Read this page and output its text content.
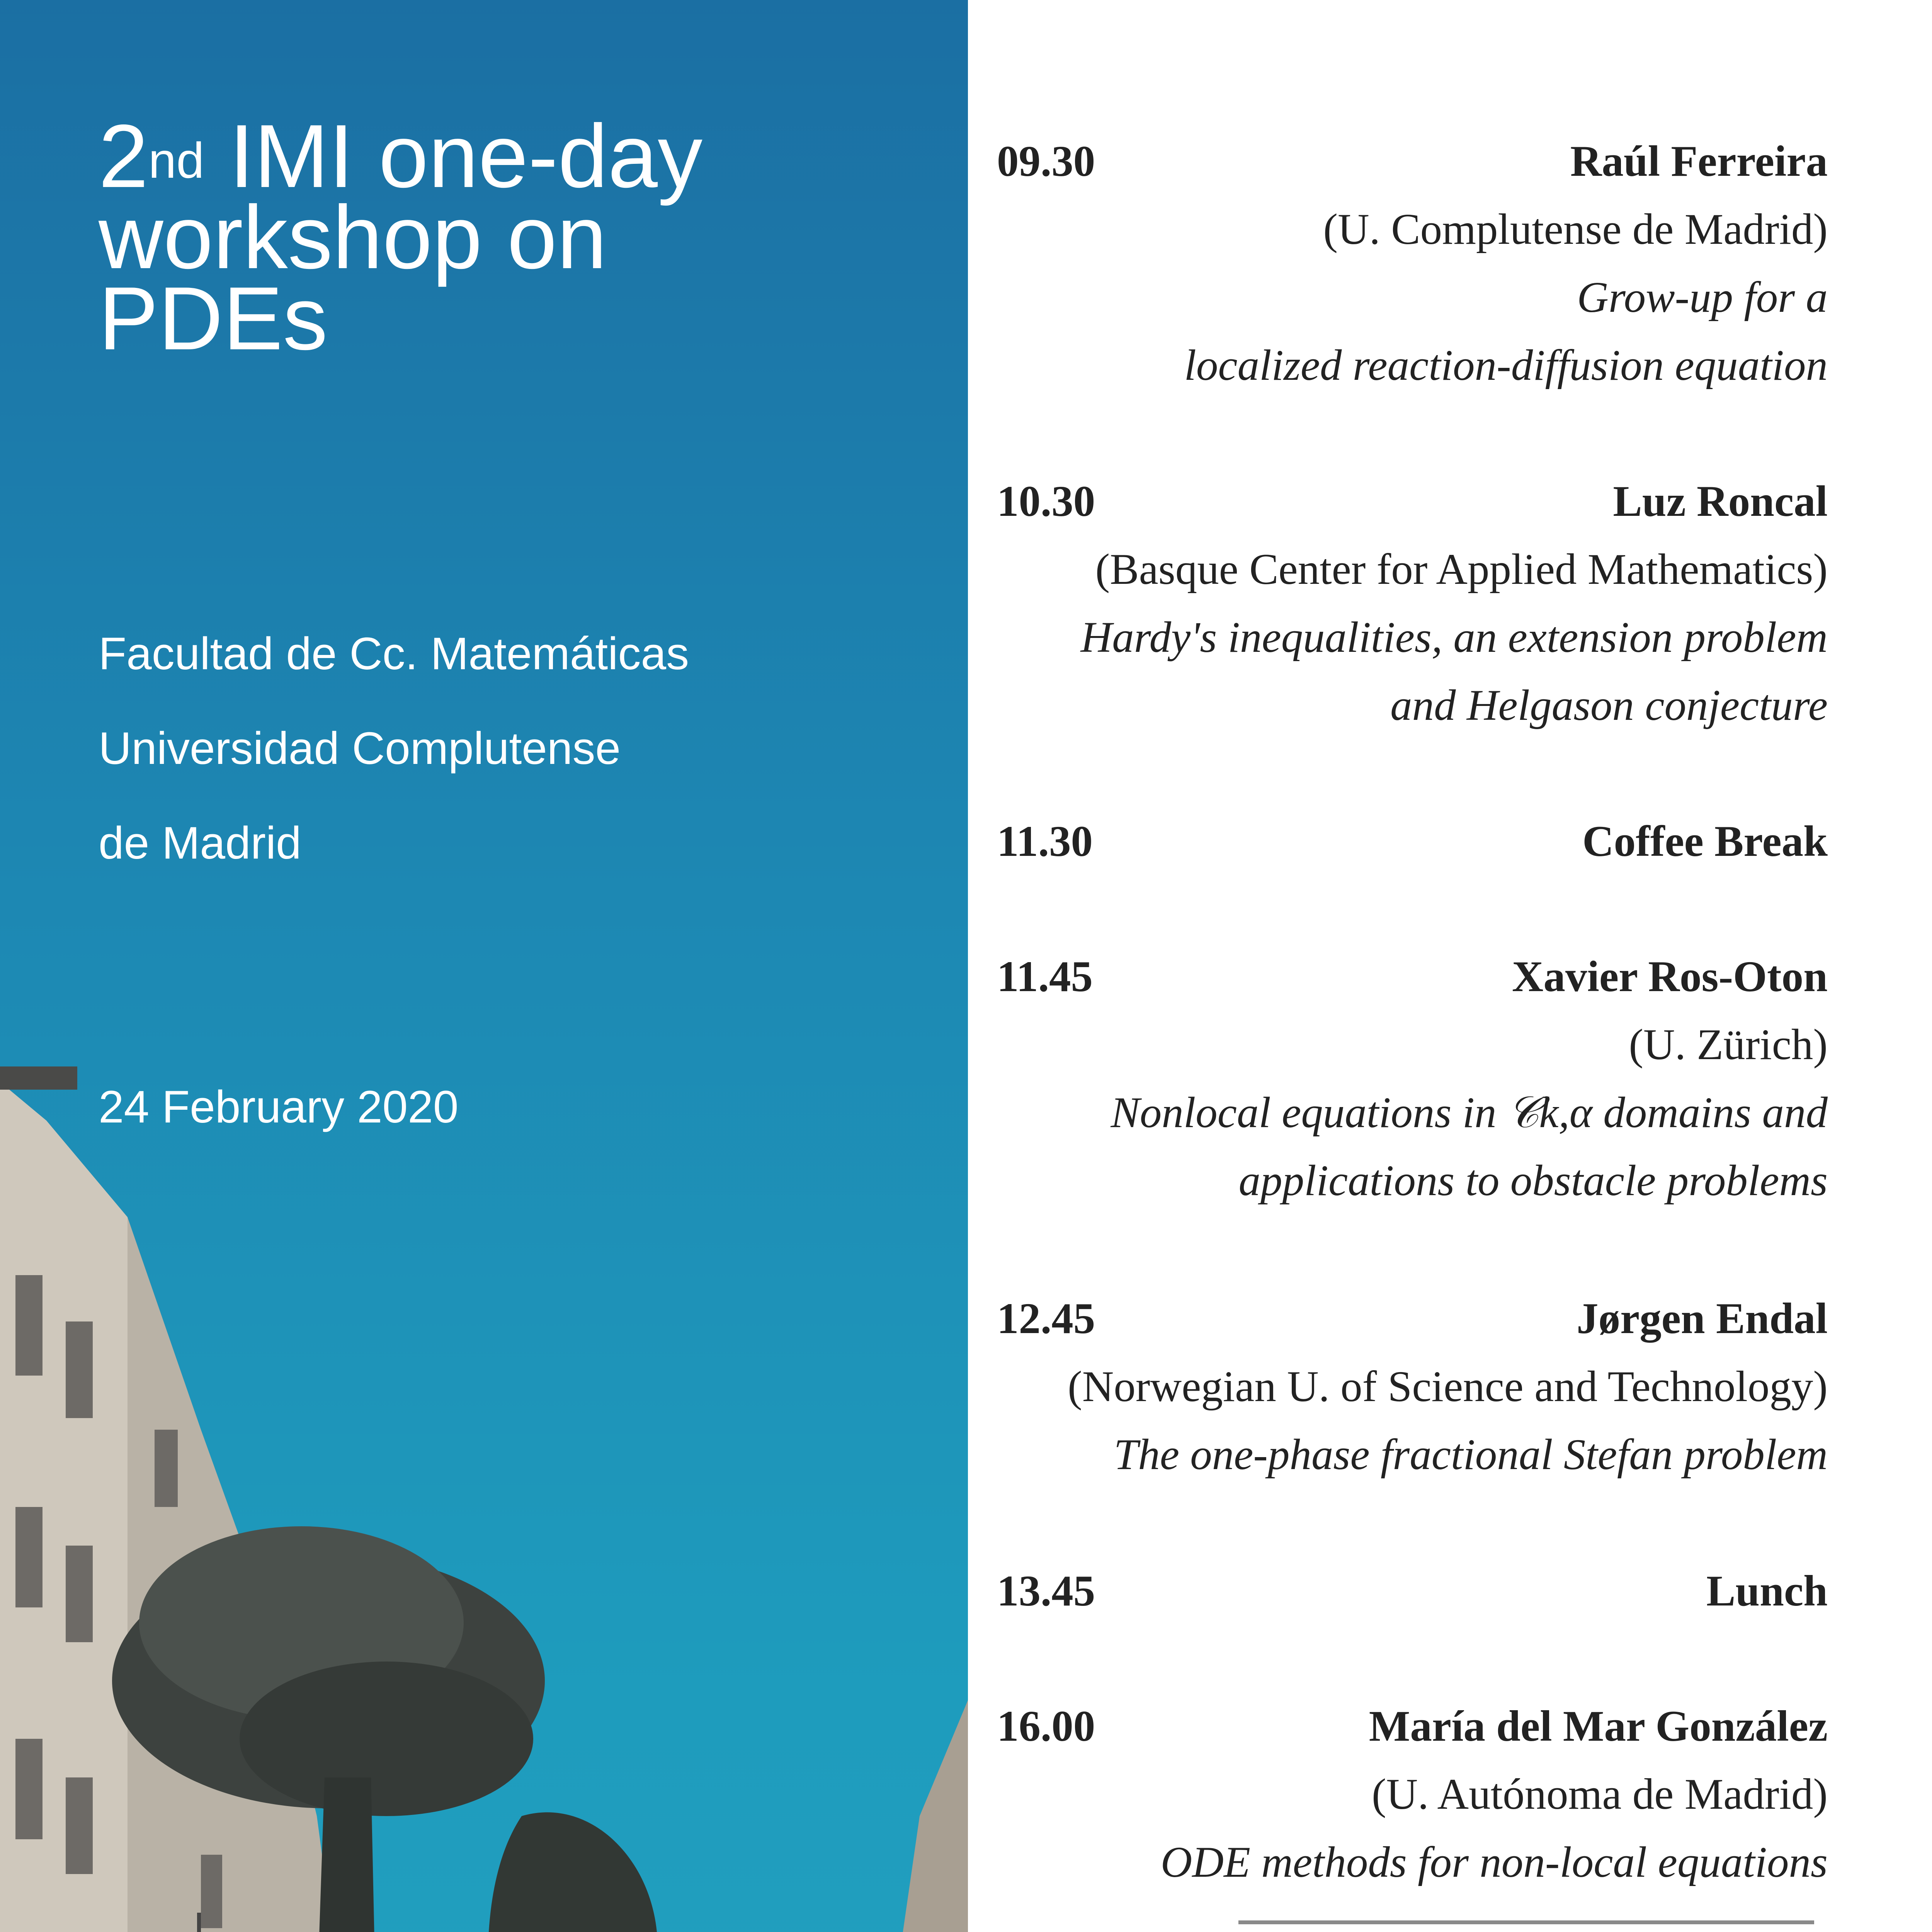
2nd IMI one-day
workshop on
PDEs
Facultad de Cc. Matemáticas
Universidad Complutense
de Madrid
24 February 2020
09.30	Raúl Ferreira
(U. Complutense de Madrid)
Grow-up for a
localized reaction-diffusion equation
10.30	Luz Roncal
(Basque Center for Applied Mathematics)
Hardy's inequalities, an extension problem
and Helgason conjecture
11.30	Coffee Break
11.45	Xavier Ros-Oton
(U. Zürich)
Nonlocal equations in 𝒞k,α domains and
applications to obstacle problems
12.45	Jørgen Endal
(Norwegian U. of Science and Technology)
The one-phase fractional Stefan problem
13.45	Lunch
16.00	María del Mar González
(U. Autónoma de Madrid)
ODE methods for non-local equations
